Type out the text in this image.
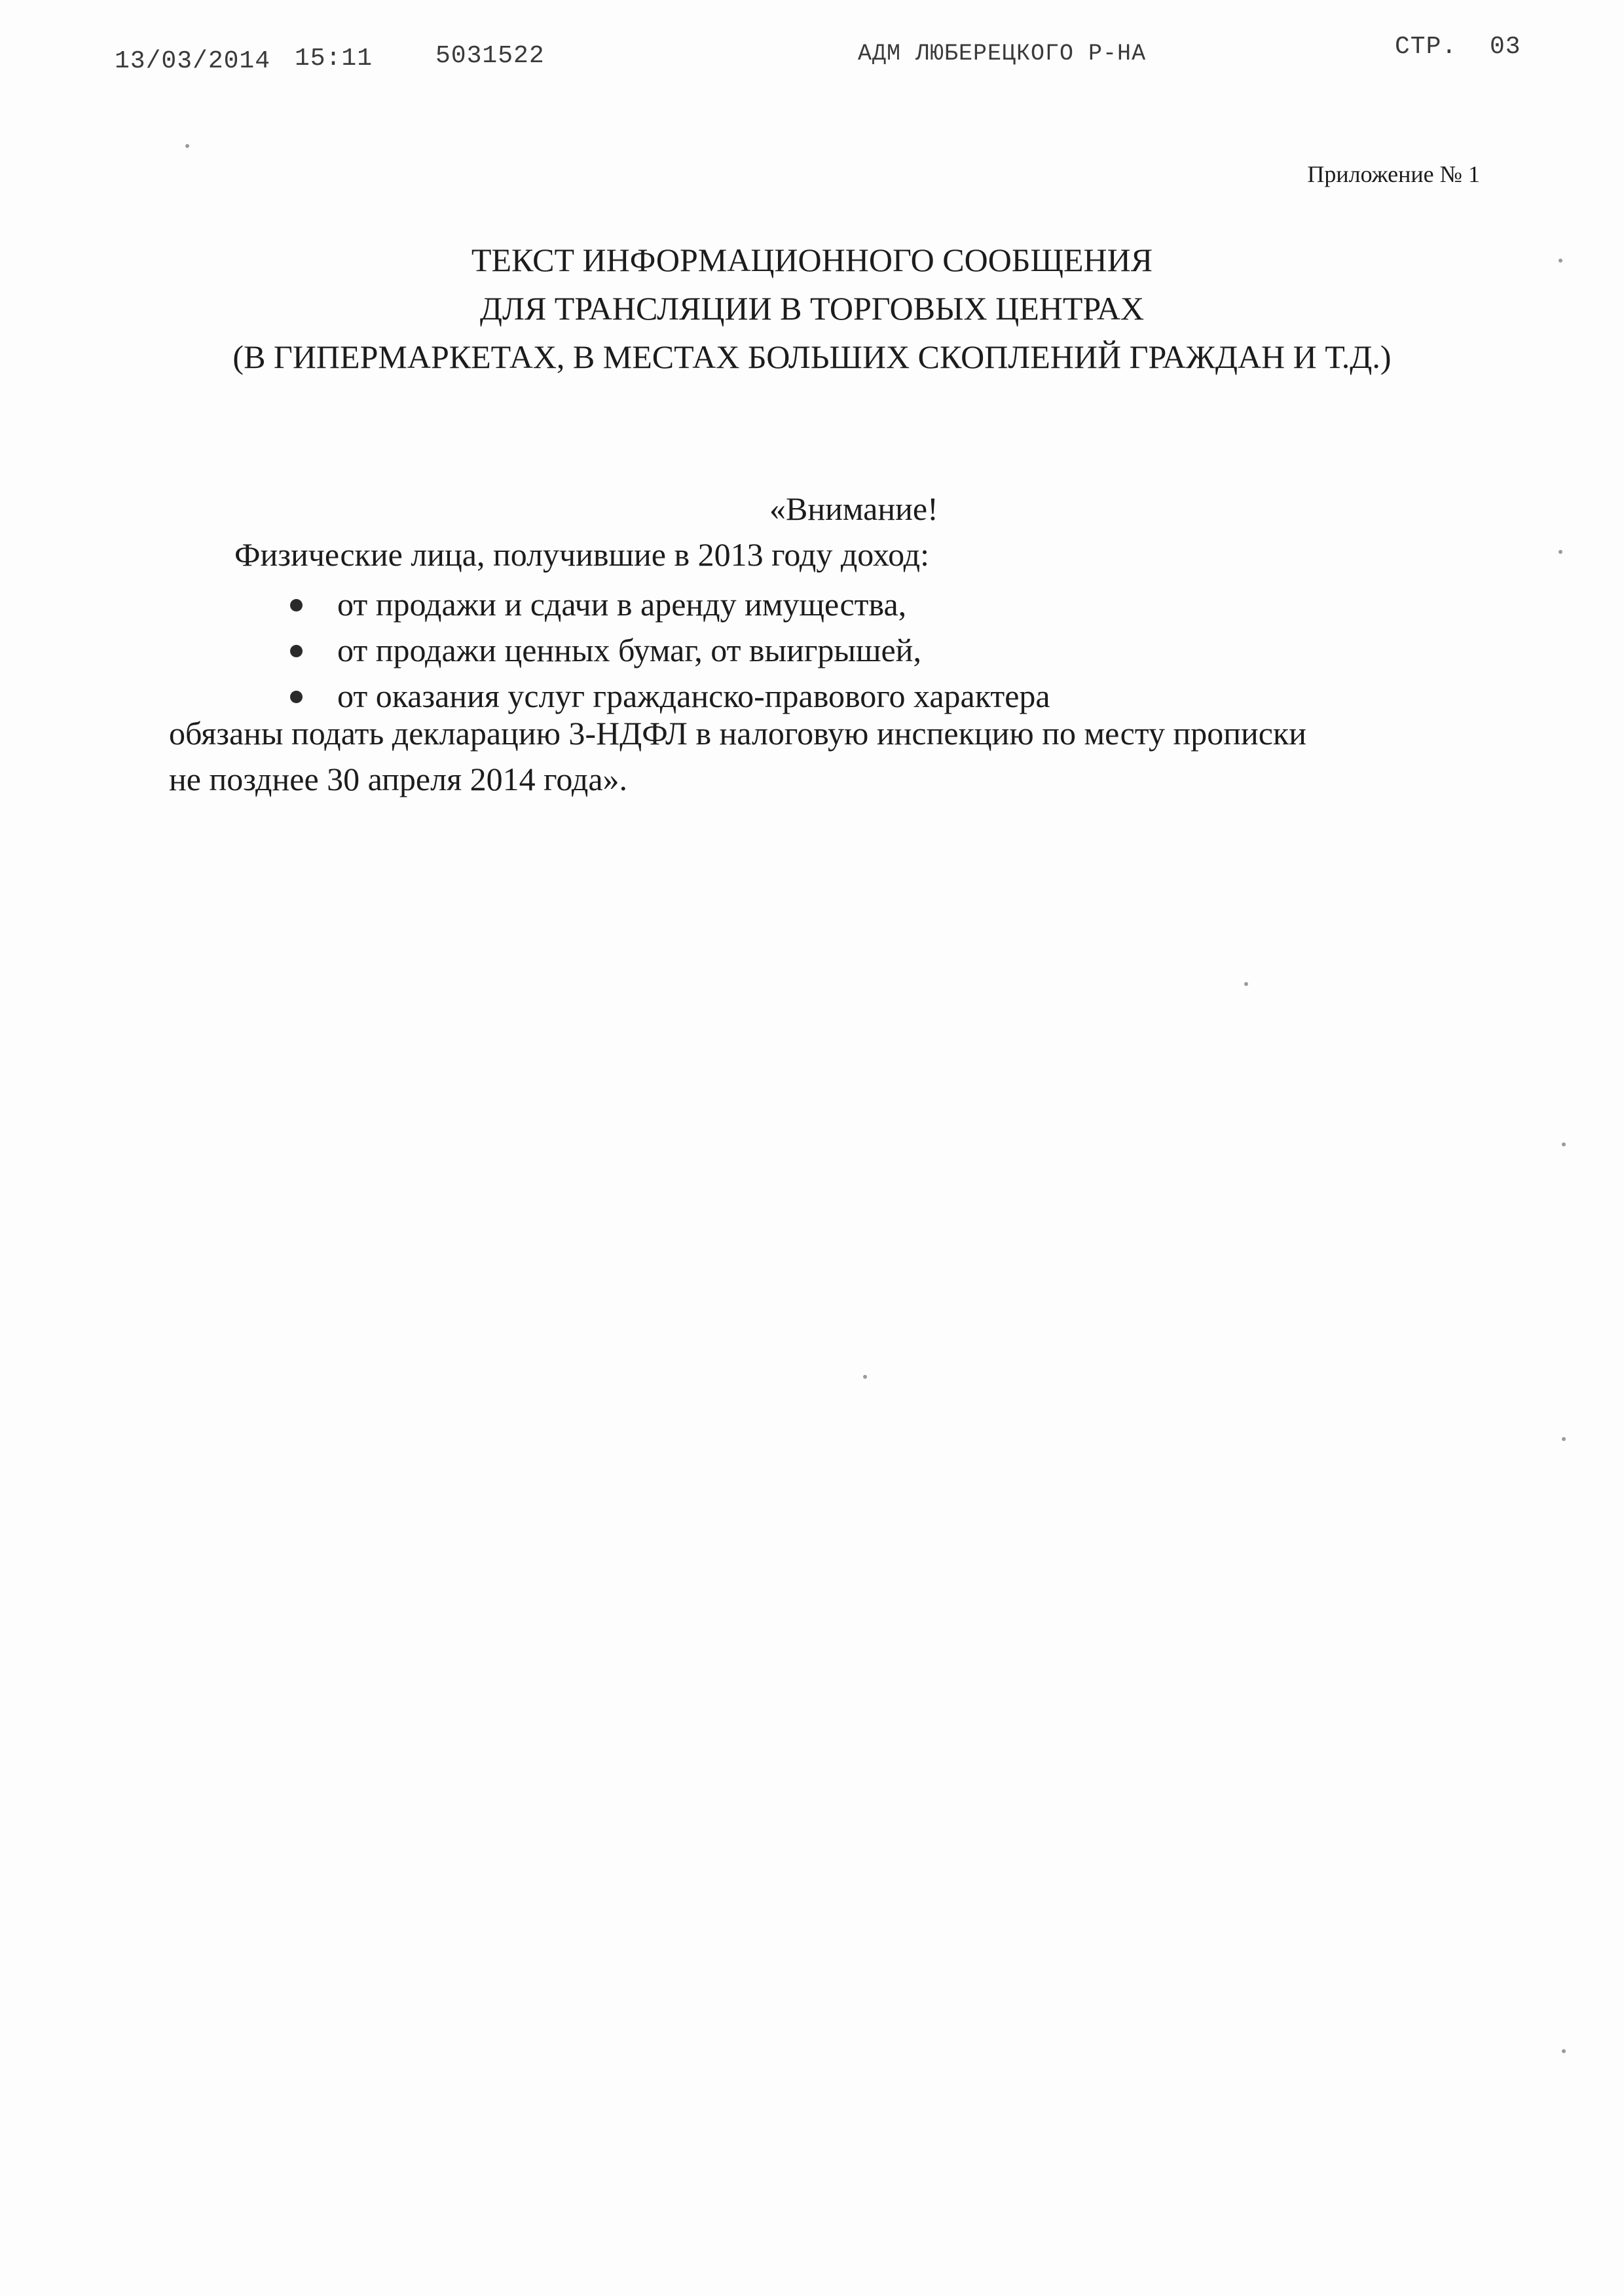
13/03/2014 15:11	5031522	АДМ ЛЮБЕРЕЦКОГО Р-НА	СТР. 03
Приложение № 1
ТЕКСТ ИНФОРМАЦИОННОГО СООБЩЕНИЯ
ДЛЯ ТРАНСЛЯЦИИ В ТОРГОВЫХ ЦЕНТРАХ
(В ГИПЕРМАРКЕТАХ, В МЕСТАХ БОЛЬШИХ СКОПЛЕНИЙ ГРАЖДАН И Т.Д.)
«Внимание!
Физические лица, получившие в 2013 году доход:
от продажи и сдачи в аренду имущества,
от продажи ценных бумаг, от выигрышей,
от оказания услуг гражданско-правового характера
обязаны подать декларацию 3-НДФЛ в налоговую инспекцию по месту прописки
не позднее 30 апреля 2014 года».
